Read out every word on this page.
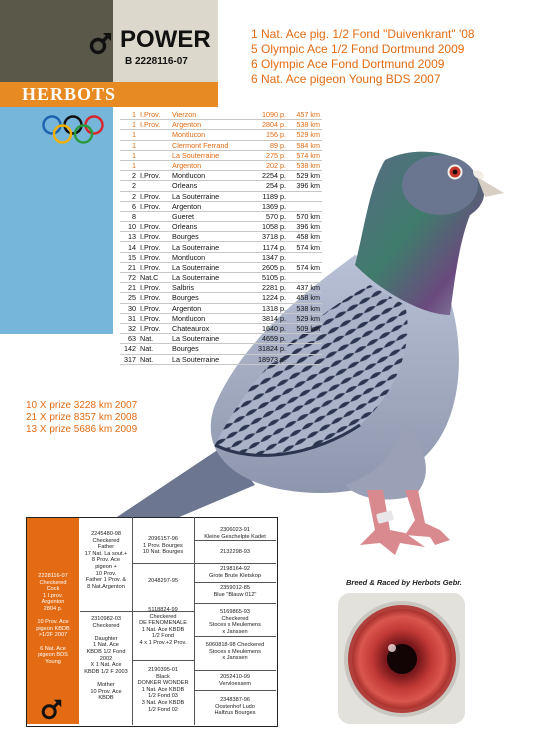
HERBOTS
POWER
B 2228116-07
1 Nat. Ace pig. 1/2 Fond "Duivenkrant" '08
5 Olympic Ace 1/2 Fond Dortmund 2009
6 Olympic Ace Fond Dortmund 2009
6 Nat. Ace pigeon Young BDS 2007
1	I.Prov.	Vierzon	1090 p.	457 km
1	I.Prov.	Argenton	2804 p.	538 km
1		Montlucon	156 p.	529 km
1		Clermont Ferrand	89 p.	584 km
1		La Souterraine	275 p.	574 km
1		Argenton	202 p.	538 km
2	I.Prov.	Montlucon	2254 p.	529 km
2		Orleans	254 p.	396 km
2	I.Prov.	La Souterraine	1189 p.	
6	I.Prov.	Argenton	1369 p.	
8		Gueret	570 p.	570 km
10	I.Prov.	Orleans	1058 p.	396 km
13	I.Prov.	Bourges	3718 p.	458 km
14	I.Prov.	La Souterraine	1174 p.	574 km
15	I.Prov.	Montlucon	1347 p.	
21	I.Prov.	La Souterraine	2605 p.	574 km
72	Nat.C	La Souterraine	5105 p.	
21	I.Prov.	Salbris	2281 p.	437 km
25	I.Prov.	Bourges	1224 p.	458 km
30	I.Prov.	Argenton	1318 p.	538 km
31	I.Prov.	Montlucon	3814 p.	529 km
32	I.Prov.	Chateaurox	1640 p.	509 km
63	Nat.	La Souterraine	4659 p.	
142	Nat.	Bourges	31824 p.	
317	Nat.	La Souterraine	18973 p.	
10 X prize 3228 km 2007
21 X prize 8357 km 2008
13 X prize 5686 km 2009
2228116-07
Checkered
Cock
1 I.prov.
Argenton
2804 p.

10 Prov. Ace
pigeon KBDB
>1/2F 2007

6 Nat. Ace
pigeon BDS
Young
2245480-98
Checkered
Father
17 Nat. La sout.+
8 Prov. Ace
pigeon +
10 Prov.
Father 1 Prov. &
8 Nat.Argenton
2310982-03
Checkered

Daughter
1 Nat. Ace
KBDB 1/2 Fond
2002
X 1 Nat. Ace
KBDB 1/2 F 2003

Mother
10 Prov. Ace
KBDB
2096157-96
1 Prov. Bourges
10 Nat. Bourges
2048297-95
5118824-99
Checkered
DE FENOMENALE
1 Nat. Ace KBDB
1/2 Fond
4 x 1 Prov.+2 Prov.
2190395-01
Black
DONKER WONDER
1 Nat. Ace KBDB
1/2 Fond 03
3 Nat. Ace KBDB
1/2 Fond 02
2306023-91
Kleine Geschelpte Kadet
2132298-93
2198164-92
Grote Brute Kletskop
2359012-85
Blue "Blauw 012"
5169865-93
Checkered
Stoces x Meulemens
x Janssen
5060818-98 Checkered
Stoces x Meulemens
x Janssen
2052410-99
Vervloessem
2348387-96
Oostenhof Ludo
Halfzus Bourges
Breed & Raced by Herbots Gebr.
